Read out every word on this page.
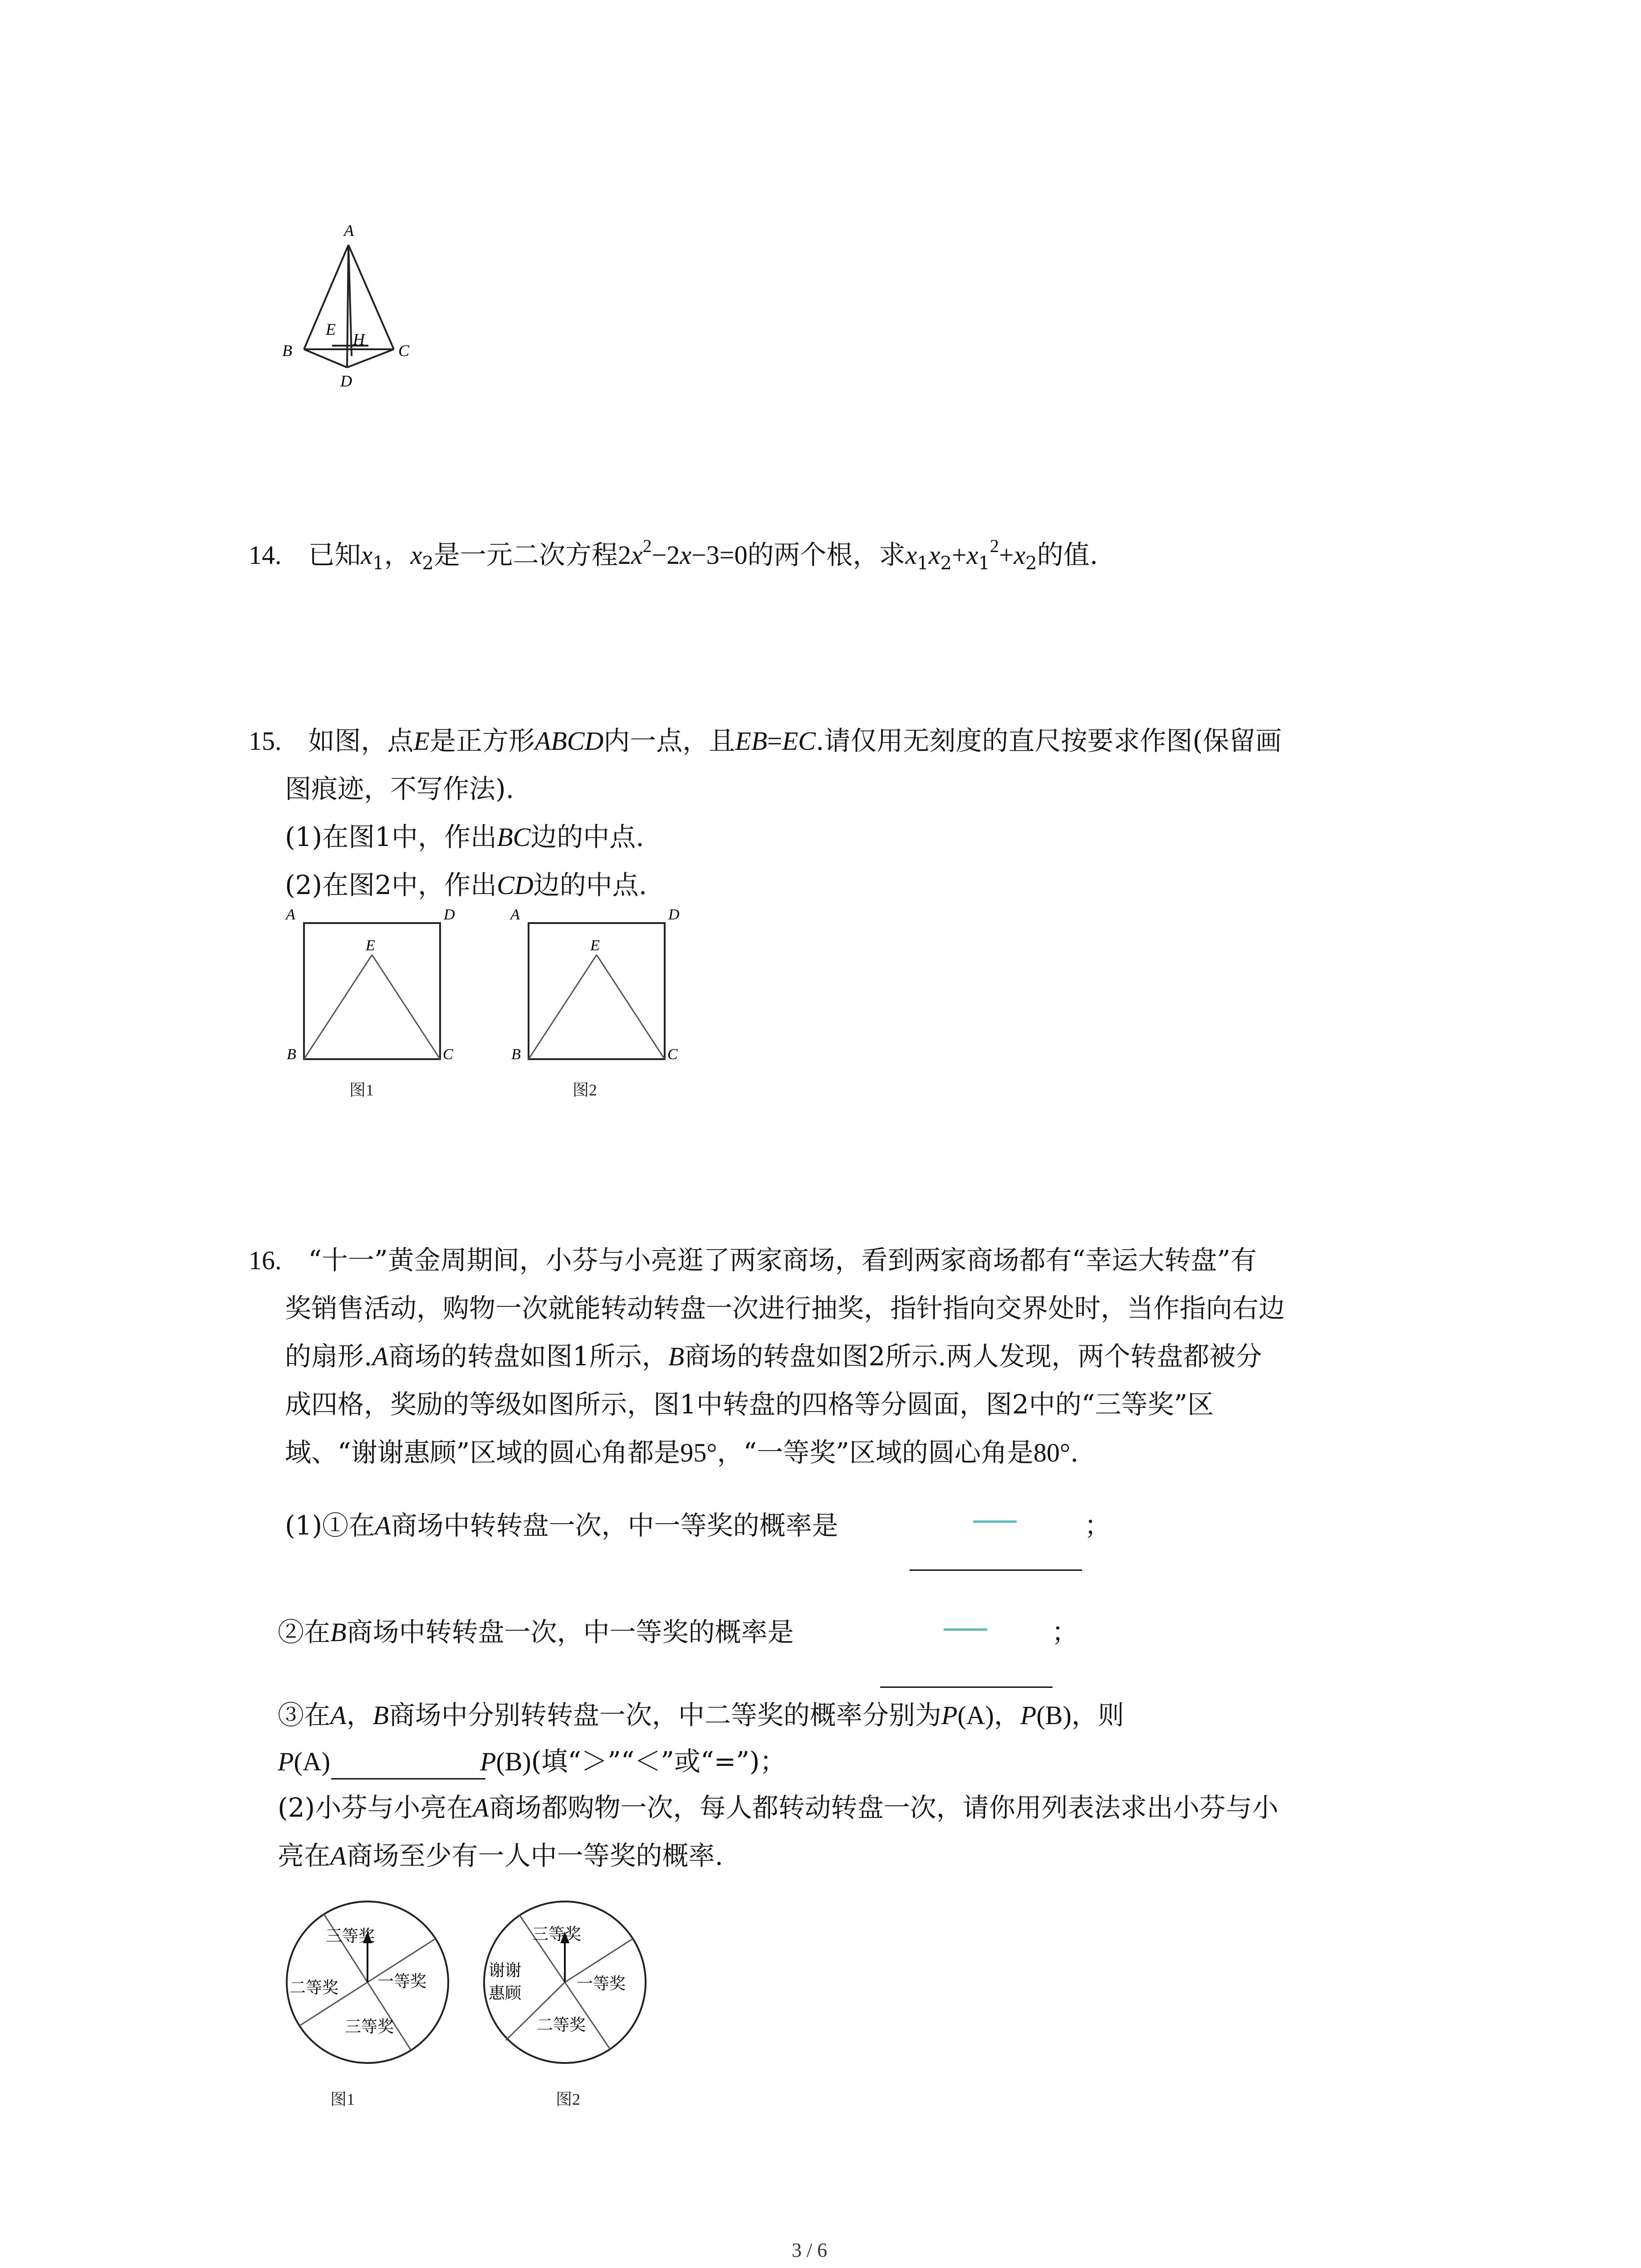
A
B	C
D
E
H
14. 已知$x_1$，$x_2$是一元二次方程$2x^2-2x-3=0$的两个根，求$x_1x_2+x_1^2+x_2$的值.
15. 如图，点E是正方形ABCD内一点，且EB=EC.请仅用无刻度的直尺按要求作图(保留画
图痕迹，不写作法).
(1)在图1中，作出BC边的中点.
(2)在图2中，作出CD边的中点.
A	D
B	C
E
图1
A	D
B	C
E
图2
16. “十一”黄金周期间，小芬与小亮逛了两家商场，看到两家商场都有“幸运大转盘”有
奖销售活动，购物一次就能转动转盘一次进行抽奖，指针指向交界处时，当作指向右边
的扇形.A商场的转盘如图1所示，B商场的转盘如图2所示.两人发现，两个转盘都被分
成四格，奖励的等级如图所示，图1中转盘的四格等分圆面，图2中的“三等奖”区
域、“谢谢惠顾”区域的圆心角都是95°，“一等奖”区域的圆心角是80°.
(1)①在A商场中转转盘一次，中一等奖的概率是	；
②在B商场中转转盘一次，中一等奖的概率是	；
③在A，B商场中分别转转盘一次，中二等奖的概率分别为P(A)，P(B)，则
P(A)	P(B)(填“＞”“＜”或“=”)；
(2)小芬与小亮在A商场都购物一次，每人都转动转盘一次，请你用列表法求出小芬与小
亮在A商场至少有一人中一等奖的概率.
三等奖
一等奖
三等奖
二等奖
图1
三等奖
一等奖
二等奖
谢谢
惠顾
图2
3 / 6
